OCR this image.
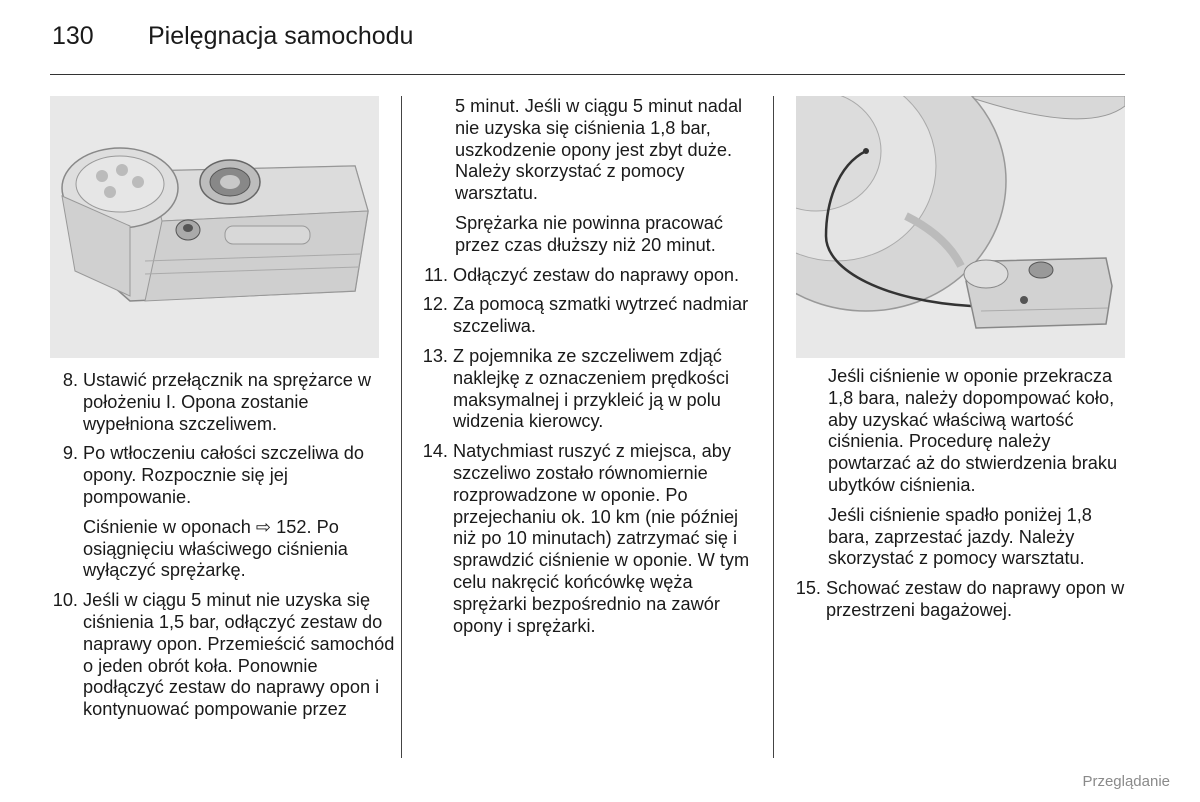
130 Pielęgnacja samochodu
8. Ustawić przełącznik na sprężarce w położeniu I. Opona zostanie wypełniona szczeliwem.
9. Po wtłoczeniu całości szczeliwa do opony. Rozpocznie się jej pompowanie.
Ciśnienie w oponach ⇨ 152. Po osiągnięciu właściwego ciśnienia wyłączyć sprężarkę.
10. Jeśli w ciągu 5 minut nie uzyska się ciśnienia 1,5 bar, odłączyć zestaw do naprawy opon. Przemieścić samochód o jeden obrót koła. Ponownie podłączyć zestaw do naprawy opon i kontynuować pompowanie przez
5 minut. Jeśli w ciągu 5 minut nadal nie uzyska się ciśnienia 1,8 bar, uszkodzenie opony jest zbyt duże. Należy skorzystać z pomocy warsztatu.
Sprężarka nie powinna pracować przez czas dłuższy niż 20 minut.
11. Odłączyć zestaw do naprawy opon.
12. Za pomocą szmatki wytrzeć nadmiar szczeliwa.
13. Z pojemnika ze szczeliwem zdjąć naklejkę z oznaczeniem prędkości maksymalnej i przykleić ją w polu widzenia kierowcy.
14. Natychmiast ruszyć z miejsca, aby szczeliwo zostało równomiernie rozprowadzone w oponie. Po przejechaniu ok. 10 km (nie później niż po 10 minutach) zatrzymać się i sprawdzić ciśnienie w oponie. W tym celu nakręcić końcówkę węża sprężarki bezpośrednio na zawór opony i sprężarki.
Jeśli ciśnienie w oponie przekracza 1,8 bara, należy dopompować koło, aby uzyskać właściwą wartość ciśnienia. Procedurę należy powtarzać aż do stwierdzenia braku ubytków ciśnienia.
Jeśli ciśnienie spadło poniżej 1,8 bara, zaprzestać jazdy. Należy skorzystać z pomocy warsztatu.
15. Schować zestaw do naprawy opon w przestrzeni bagażowej.
Przeglądanie
